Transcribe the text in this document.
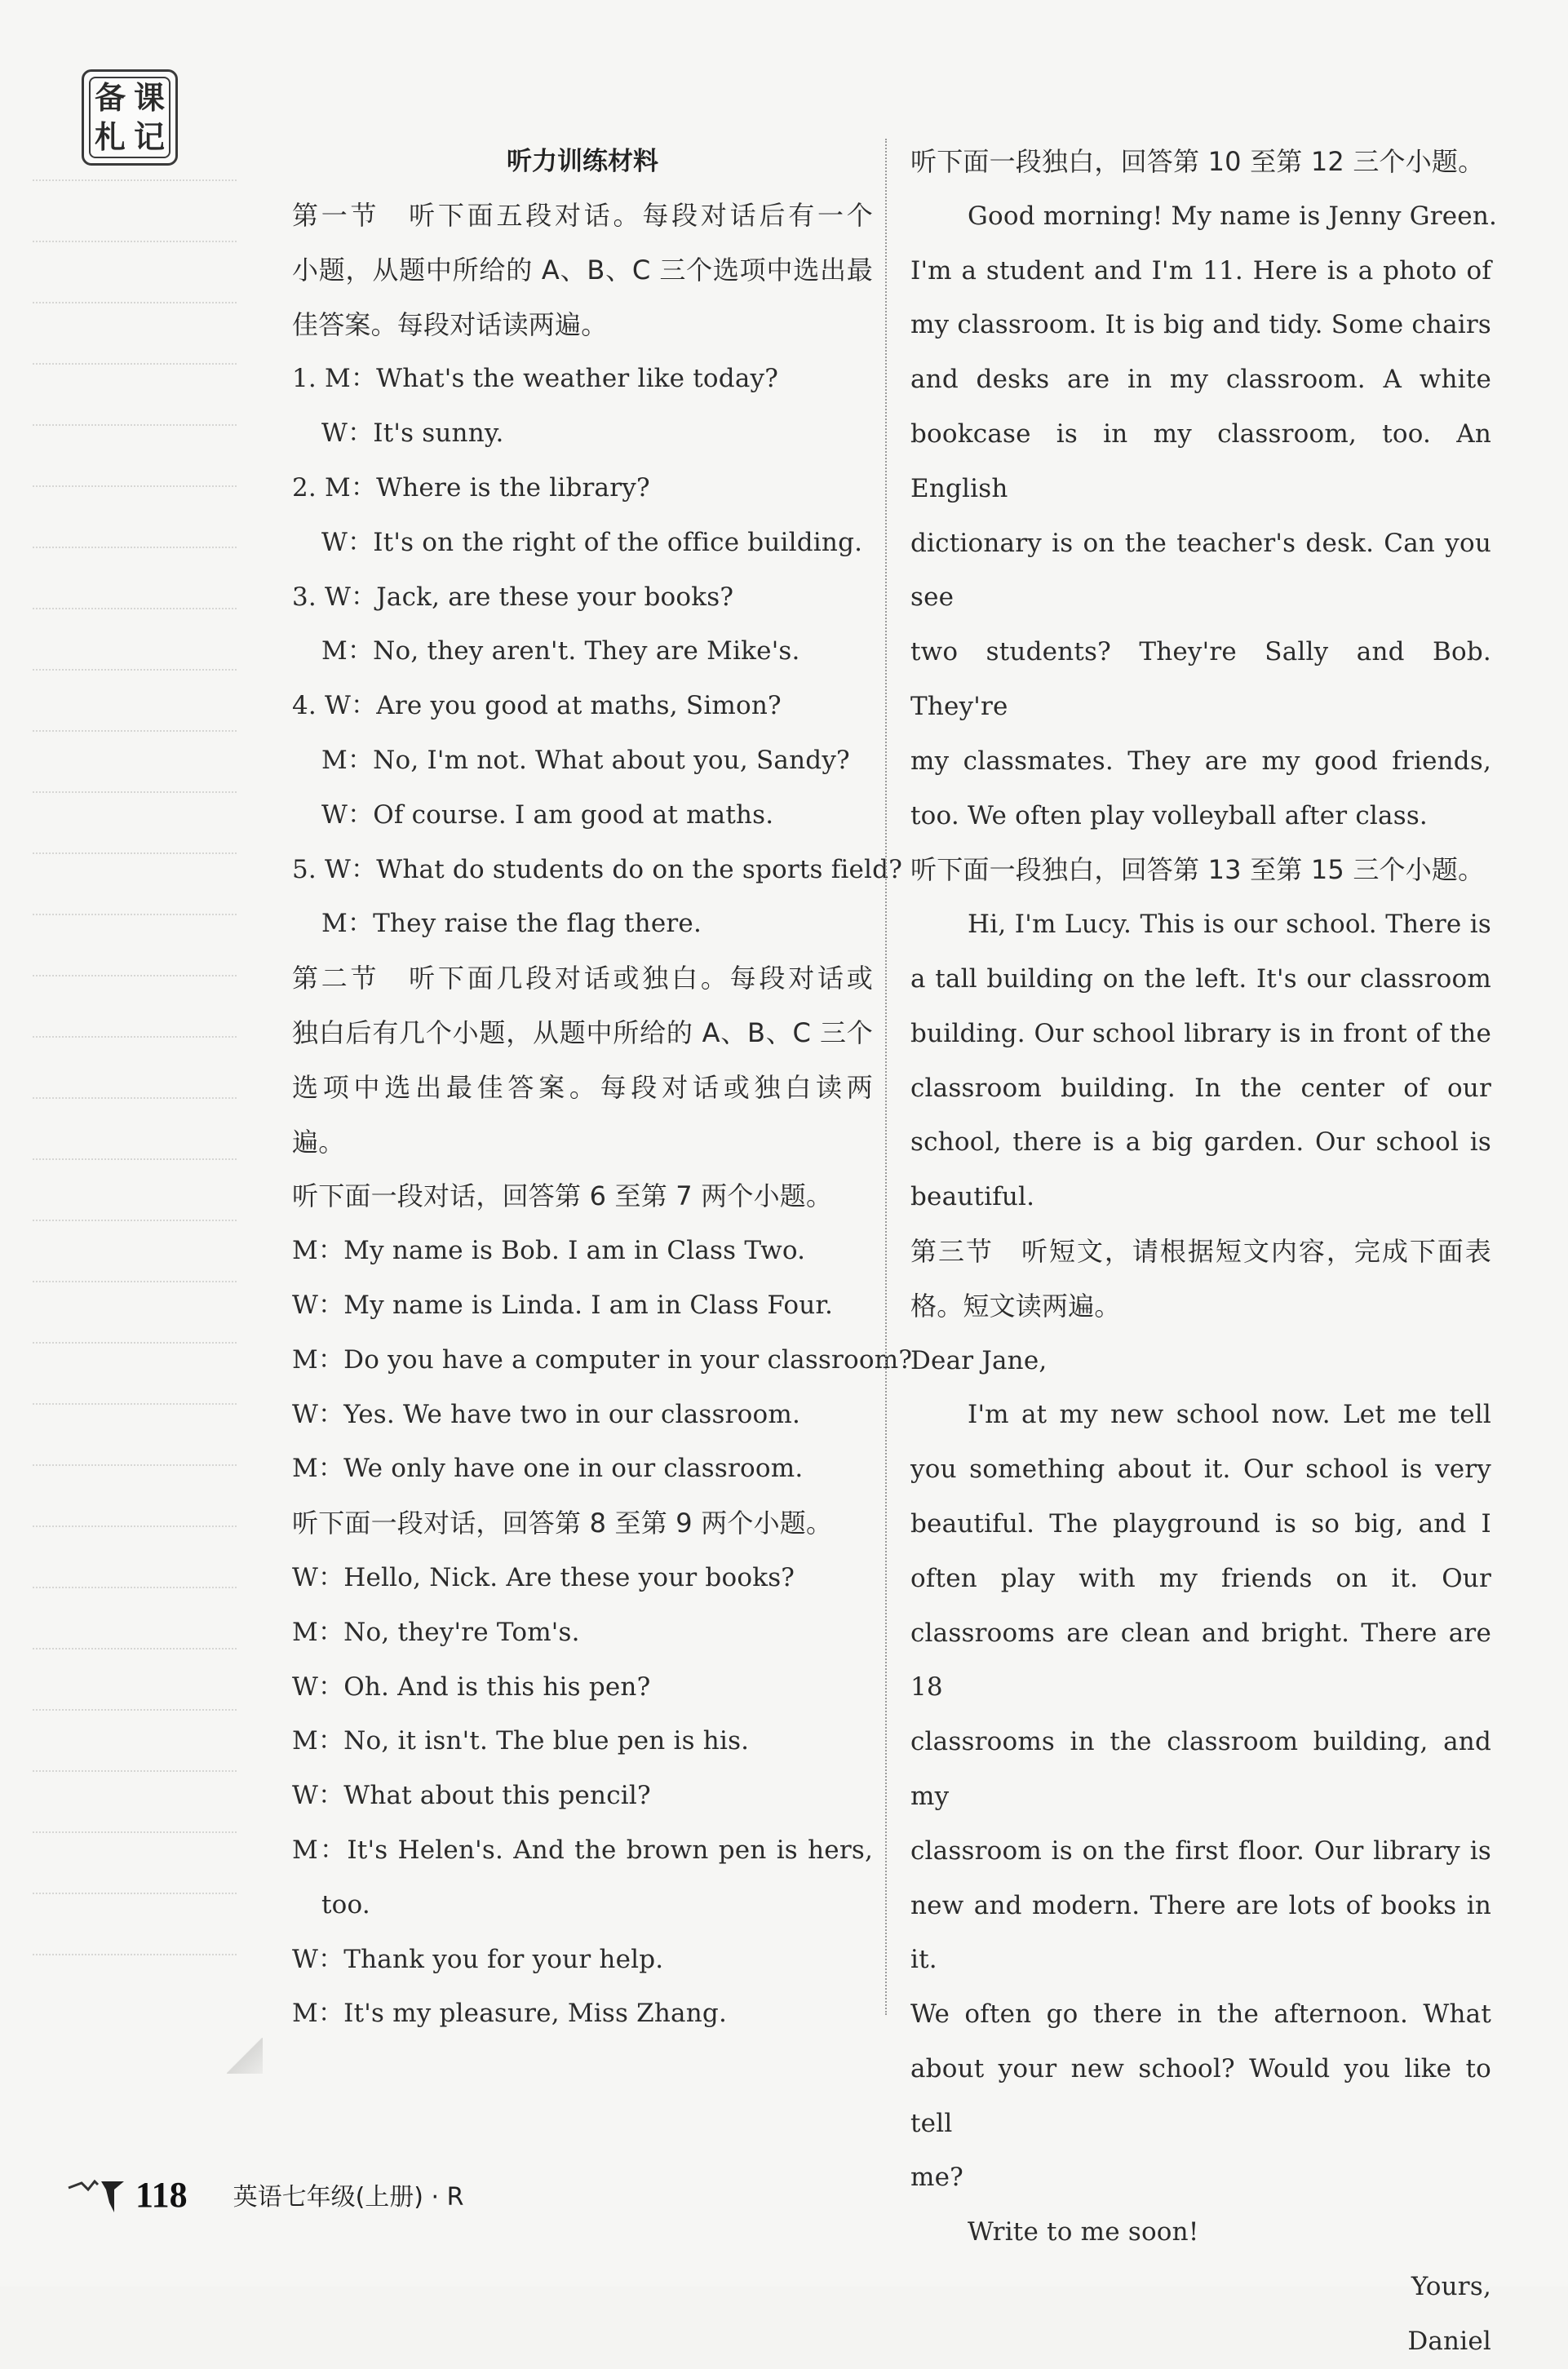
备 课
札 记
听力训练材料
第一节　听下面五段对话。每段对话后有一个
小题，从题中所给的 A、B、C 三个选项中选出最
佳答案。每段对话读两遍。
1. M：What's the weather like today?
W：It's sunny.
2. M：Where is the library?
W：It's on the right of the office building.
3. W：Jack, are these your books?
M：No, they aren't. They are Mike's.
4. W：Are you good at maths, Simon?
M：No, I'm not. What about you, Sandy?
W：Of course. I am good at maths.
5. W：What do students do on the sports field?
M：They raise the flag there.
第二节　听下面几段对话或独白。每段对话或
独白后有几个小题，从题中所给的 A、B、C 三个
选项中选出最佳答案。每段对话或独白读两
遍。
听下面一段对话，回答第 6 至第 7 两个小题。
M：My name is Bob. I am in Class Two.
W：My name is Linda. I am in Class Four.
M：Do you have a computer in your classroom?
W：Yes. We have two in our classroom.
M：We only have one in our classroom.
听下面一段对话，回答第 8 至第 9 两个小题。
W：Hello, Nick. Are these your books?
M：No, they're Tom's.
W：Oh. And is this his pen?
M：No, it isn't. The blue pen is his.
W：What about this pencil?
M：It's Helen's. And the brown pen is hers,
too.
W：Thank you for your help.
M：It's my pleasure, Miss Zhang.
听下面一段独白，回答第 10 至第 12 三个小题。
Good morning! My name is Jenny Green.
I'm a student and I'm 11. Here is a photo of
my classroom. It is big and tidy. Some chairs
and desks are in my classroom. A white
bookcase is in my classroom, too. An English
dictionary is on the teacher's desk. Can you see
two students? They're Sally and Bob. They're
my classmates. They are my good friends,
too. We often play volleyball after class.
听下面一段独白，回答第 13 至第 15 三个小题。
Hi, I'm Lucy. This is our school. There is
a tall building on the left. It's our classroom
building. Our school library is in front of the
classroom building. In the center of our
school, there is a big garden. Our school is
beautiful.
第三节　听短文，请根据短文内容，完成下面表
格。短文读两遍。
Dear Jane,
I'm at my new school now. Let me tell
you something about it. Our school is very
beautiful. The playground is so big, and I
often play with my friends on it. Our
classrooms are clean and bright. There are 18
classrooms in the classroom building, and my
classroom is on the first floor. Our library is
new and modern. There are lots of books in it.
We often go there in the afternoon. What
about your new school? Would you like to tell
me?
Write to me soon!
Yours,
Daniel
118 英语七年级(上册) · R
